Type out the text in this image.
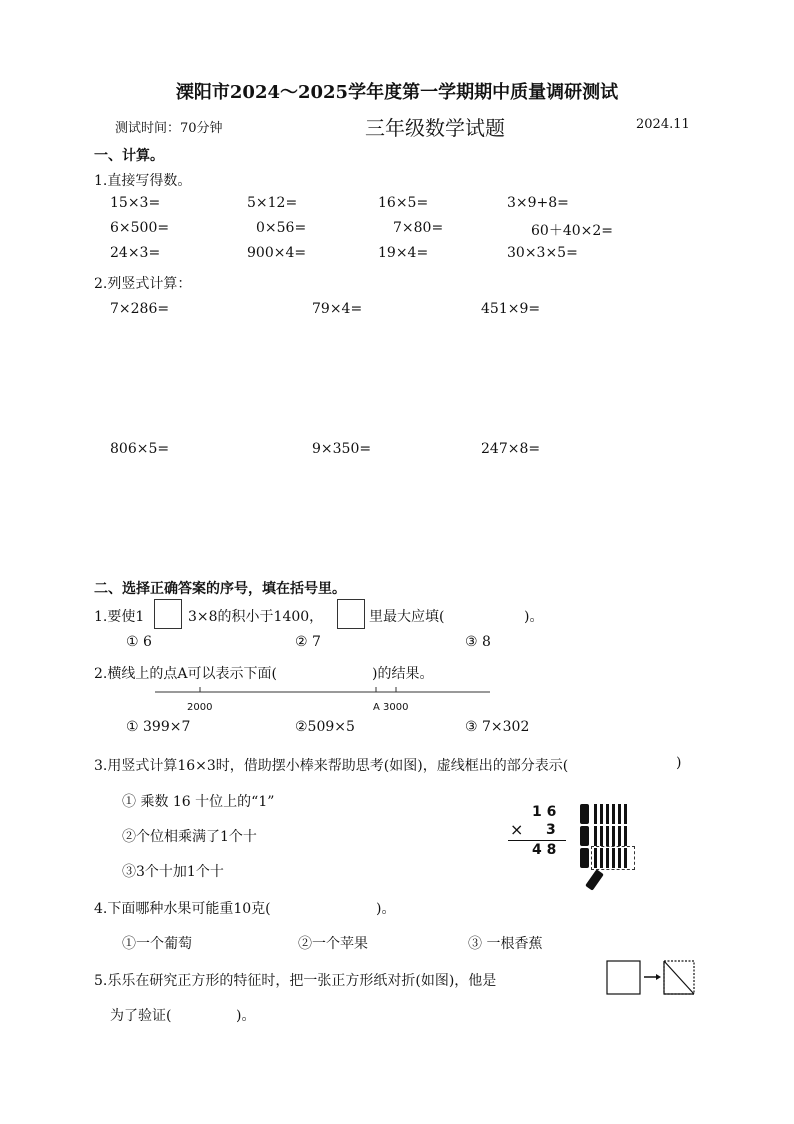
溧阳市2024～2025学年度第一学期期中质量调研测试
测试时间：70分钟	三年级数学试题	2024.11
一、计算。
1.直接写得数。
15×3=	5×12=	16×5=	3×9+8=
6×500=	0×56=	7×80=	60＋40×2=
24×3=	900×4=	19×4=	30×3×5=
2.列竖式计算：
7×286=	79×4=	451×9=
806×5=	9×350=	247×8=
二、选择正确答案的序号，填在括号里。
1.要使1	3×8的积小于1400，	里最大应填(	)。
① 6	② 7	③ 8
2.横线上的点A可以表示下面(	)的结果。
2000	A 3000
① 399×7	②509×5	③ 7×302
3.用竖式计算16×3时，借助摆小棒来帮助思考(如图)，虚线框出的部分表示(	)
① 乘数 16 十位上的“1”
②个位相乘满了1个十
③3个十加1个十
1 6
× 3
4 8
4.下面哪种水果可能重10克(	)。
①一个葡萄	②一个苹果	③ 一根香蕉
5.乐乐在研究正方形的特征时，把一张正方形纸对折(如图)，他是
为了验证(	)。
